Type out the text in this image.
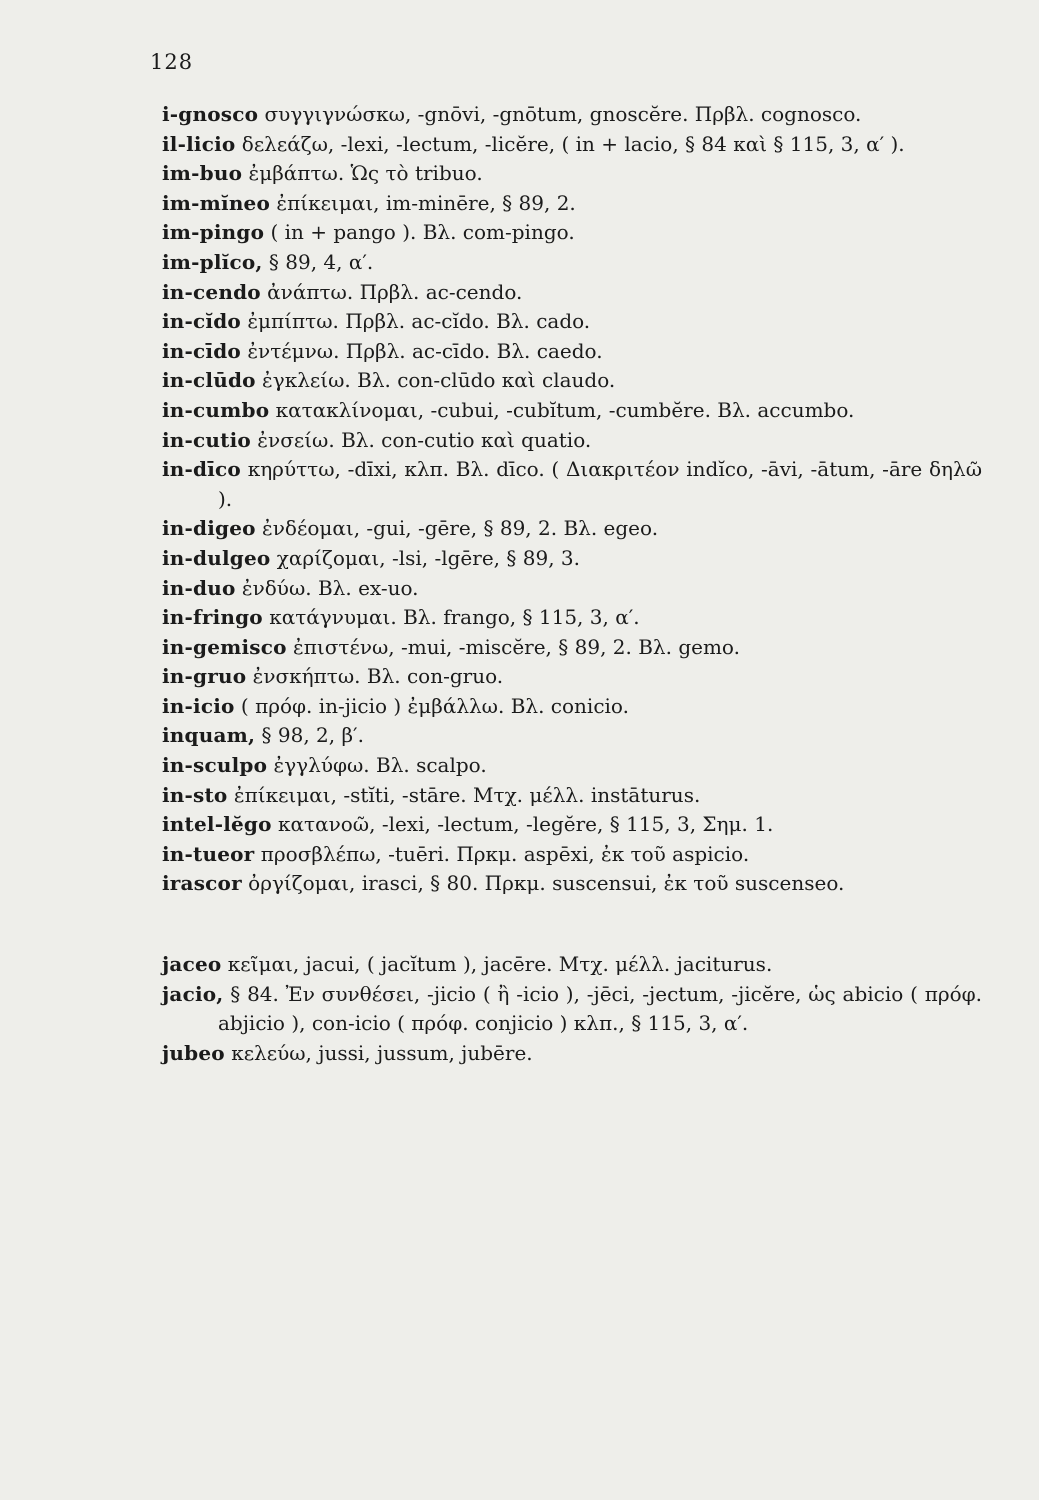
128
i-gnosco συγγιγνώσκω, -gnōvi, -gnōtum, gnoscĕre. Πρβλ. cognosco.
il-licio δελεάζω, -lexi, -lectum, -licĕre, ( in + lacio, § 84 καὶ § 115, 3, α′ ).
im-buo ἐμβάπτω. Ὡς τὸ tribuo.
im-mĭneo ἐπίκειμαι, im-minēre, § 89, 2.
im-pingo ( in + pango ). Βλ. com-pingo.
im-plĭco, § 89, 4, α′.
in-cendo ἀνάπτω. Πρβλ. ac-cendo.
in-cĭdo ἐμπίπτω. Πρβλ. ac-cĭdo. Βλ. cado.
in-cīdo ἐντέμνω. Πρβλ. ac-cīdo. Βλ. caedo.
in-clūdo ἐγκλείω. Βλ. con-clūdo καὶ claudo.
in-cumbo κατακλίνομαι, -cubui, -cubĭtum, -cumbĕre. Βλ. accumbo.
in-cutio ἐνσείω. Βλ. con-cutio καὶ quatio.
in-dīco κηρύττω, -dīxi, κλπ. Βλ. dīco. ( Διακριτέον indĭco, -āvi, -ātum, -āre δηλῶ ).
in-digeo ἐνδέομαι, -gui, -gēre, § 89, 2. Βλ. egeo.
in-dulgeo χαρίζομαι, -lsi, -lgēre, § 89, 3.
in-duo ἐνδύω. Βλ. ex-uo.
in-fringo κατάγνυμαι. Βλ. frango, § 115, 3, α′.
in-gemisco ἐπιστένω, -mui, -miscĕre, § 89, 2. Βλ. gemo.
in-gruo ἐνσκήπτω. Βλ. con-gruo.
in-icio ( πρόφ. in-jicio ) ἐμβάλλω. Βλ. conicio.
inquam, § 98, 2, β′.
in-sculpo ἐγγλύφω. Βλ. scalpo.
in-sto ἐπίκειμαι, -stĭti, -stāre. Μτχ. μέλλ. instāturus.
intel-lĕgo κατανοῶ, -lexi, -lectum, -legĕre, § 115, 3, Σημ. 1.
in-tueor προσβλέπω, -tuēri. Πρκμ. aspēxi, ἐκ τοῦ aspicio.
irascor ὀργίζομαι, irasci, § 80. Πρκμ. suscensui, ἐκ τοῦ suscenseo.
jaceo κεῖμαι, jacui, ( jacĭtum ), jacēre. Μτχ. μέλλ. jaciturus.
jacio, § 84. Ἐν συνθέσει, -jicio ( ἢ -icio ), -jēci, -jectum, -jicĕre, ὡς abicio ( πρόφ. abjicio ), con-icio ( πρόφ. conjicio ) κλπ., § 115, 3, α′.
jubeo κελεύω, jussi, jussum, jubēre.
